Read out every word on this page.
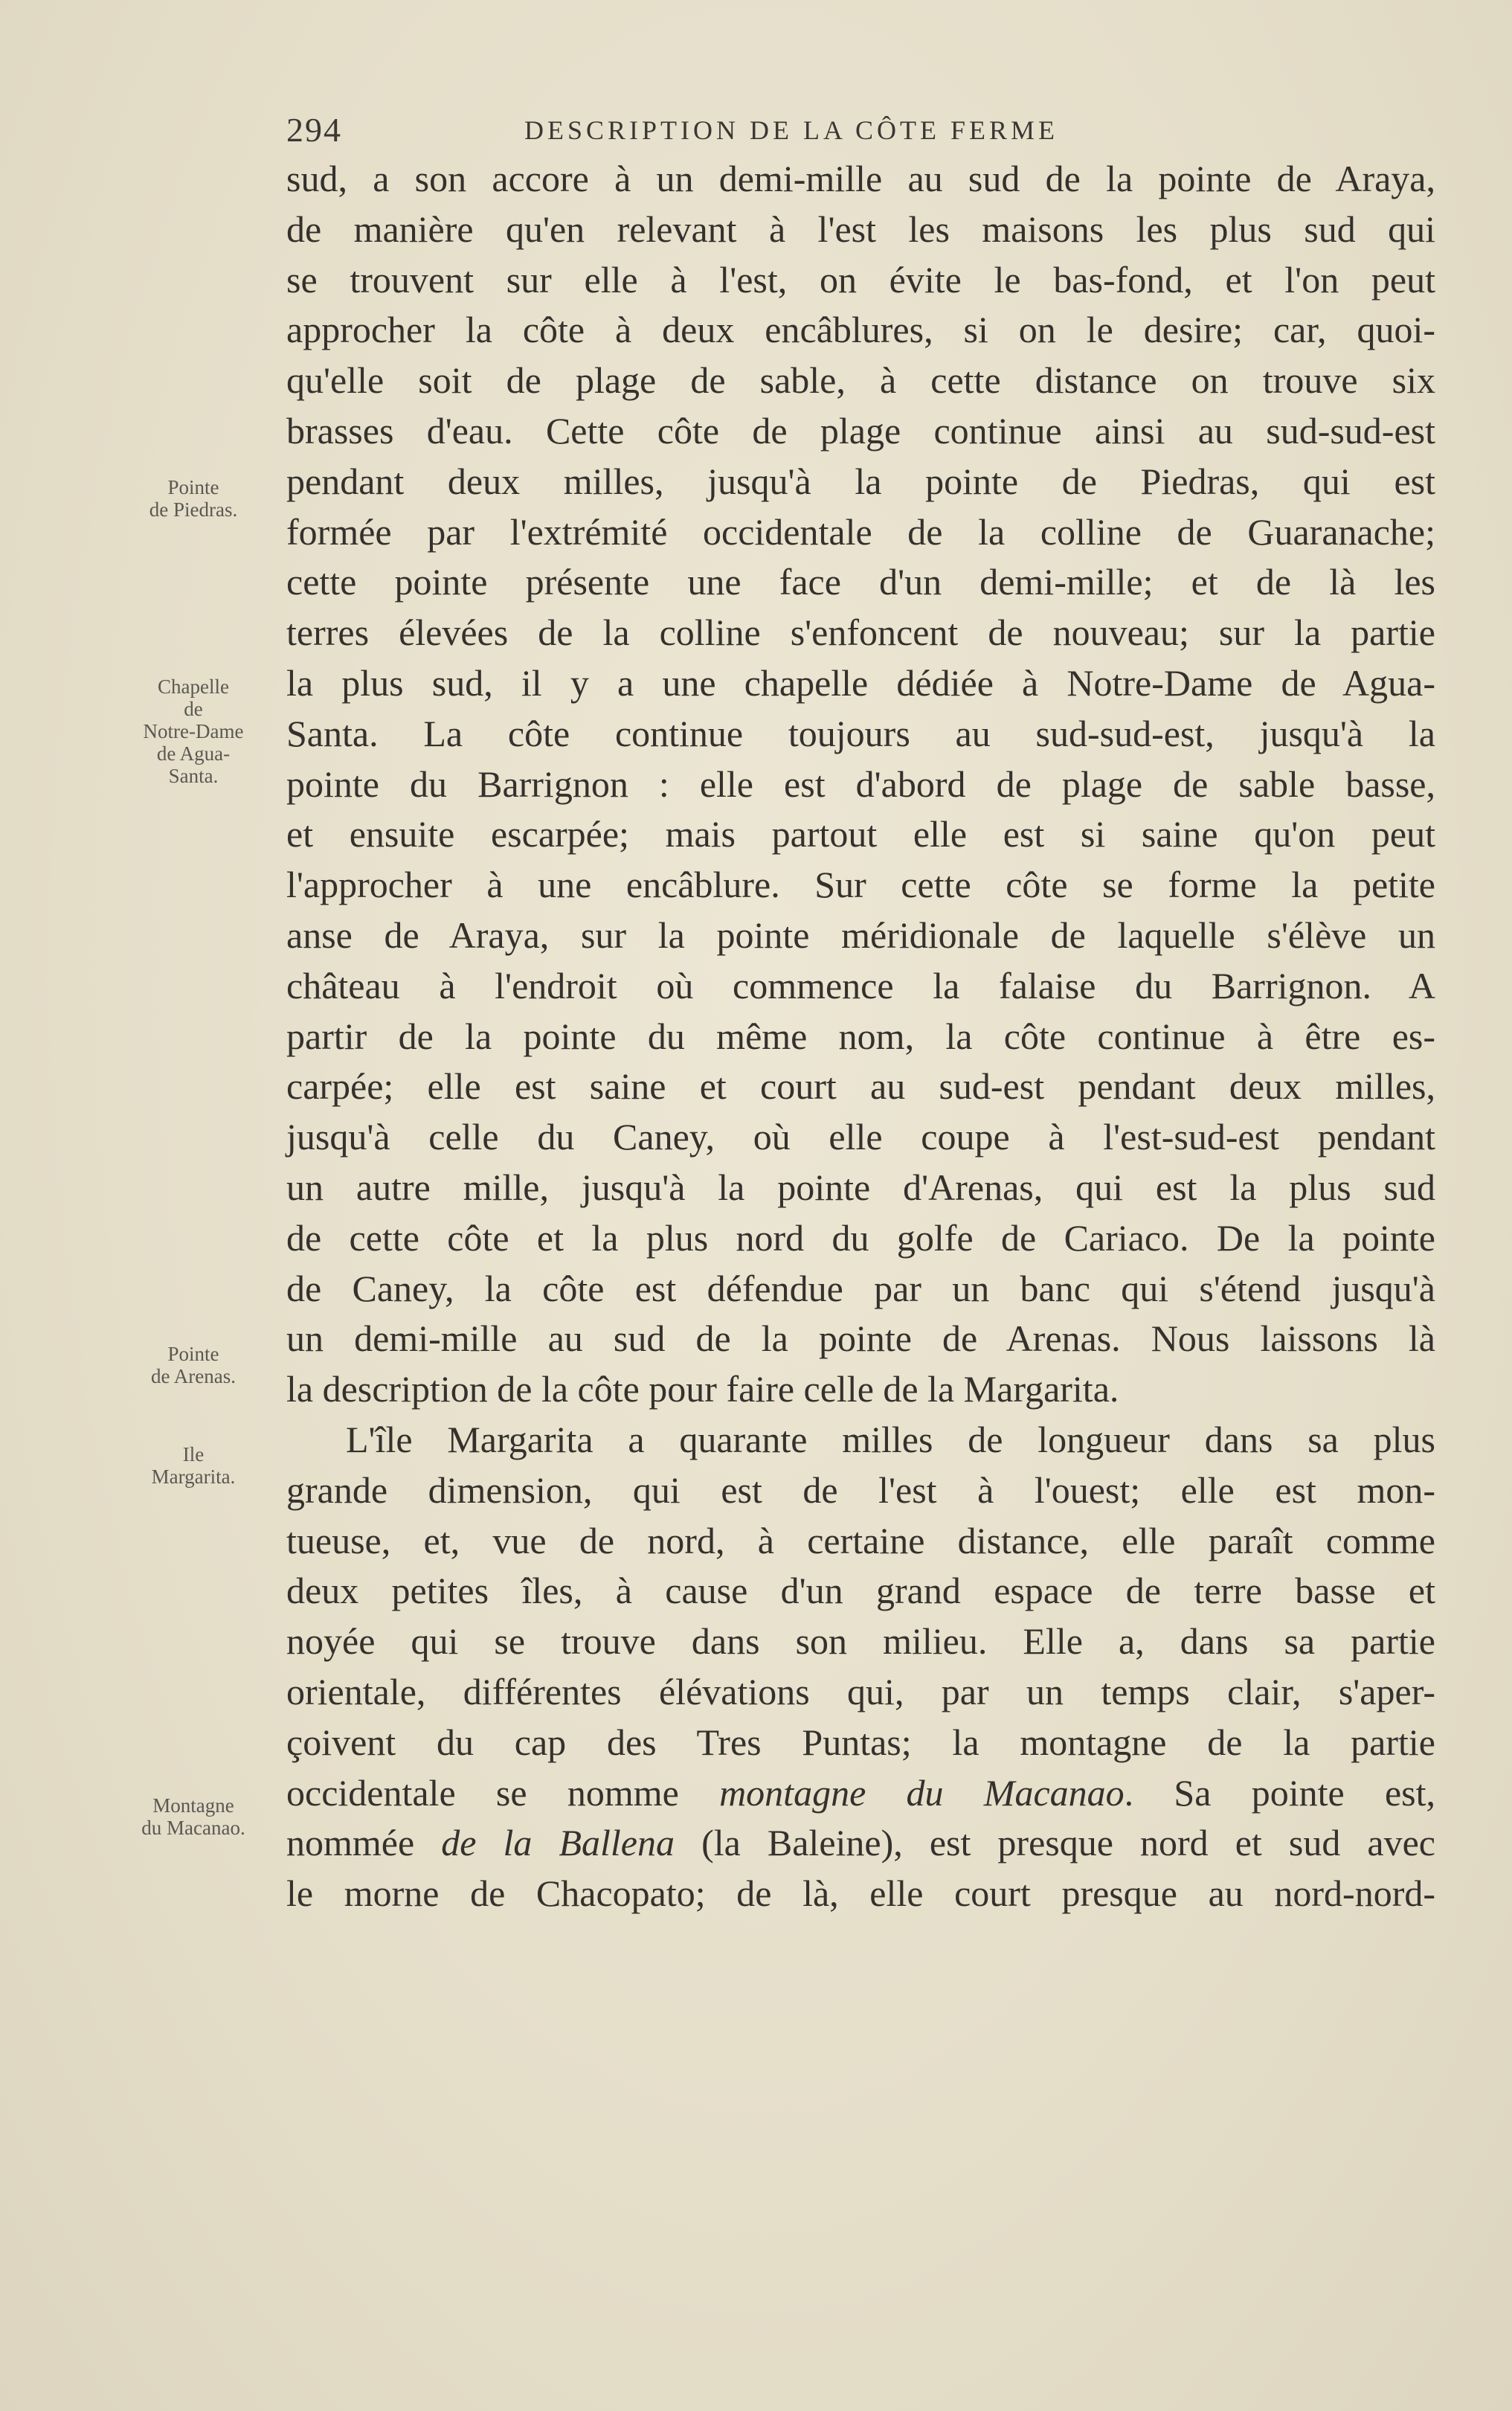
294	DESCRIPTION DE LA CÔTE FERME
Pointe
de Piedras.
Chapelle
de
Notre-Dame
de Agua-
Santa.
Pointe
de Arenas.
Ile
Margarita.
Montagne
du Macanao.
sud, a son accore à un demi-mille au sud de la pointe de Araya,
de manière qu'en relevant à l'est les maisons les plus sud qui
se trouvent sur elle à l'est, on évite le bas-fond, et l'on peut
approcher la côte à deux encâblures, si on le desire; car, quoi-
qu'elle soit de plage de sable, à cette distance on trouve six
brasses d'eau. Cette côte de plage continue ainsi au sud-sud-est
pendant deux milles, jusqu'à la pointe de Piedras, qui est
formée par l'extrémité occidentale de la colline de Guaranache;
cette pointe présente une face d'un demi-mille; et de là les
terres élevées de la colline s'enfoncent de nouveau; sur la partie
la plus sud, il y a une chapelle dédiée à Notre-Dame de Agua-
Santa. La côte continue toujours au sud-sud-est, jusqu'à la
pointe du Barrignon : elle est d'abord de plage de sable basse,
et ensuite escarpée; mais partout elle est si saine qu'on peut
l'approcher à une encâblure. Sur cette côte se forme la petite
anse de Araya, sur la pointe méridionale de laquelle s'élève un
château à l'endroit où commence la falaise du Barrignon. A
partir de la pointe du même nom, la côte continue à être es-
carpée; elle est saine et court au sud-est pendant deux milles,
jusqu'à celle du Caney, où elle coupe à l'est-sud-est pendant
un autre mille, jusqu'à la pointe d'Arenas, qui est la plus sud
de cette côte et la plus nord du golfe de Cariaco. De la pointe
de Caney, la côte est défendue par un banc qui s'étend jusqu'à
un demi-mille au sud de la pointe de Arenas. Nous laissons là
la description de la côte pour faire celle de la Margarita.
L'île Margarita a quarante milles de longueur dans sa plus
grande dimension, qui est de l'est à l'ouest; elle est mon-
tueuse, et, vue de nord, à certaine distance, elle paraît comme
deux petites îles, à cause d'un grand espace de terre basse et
noyée qui se trouve dans son milieu. Elle a, dans sa partie
orientale, différentes élévations qui, par un temps clair, s'aper-
çoivent du cap des Tres Puntas; la montagne de la partie
occidentale se nomme montagne du Macanao. Sa pointe est,
nommée de la Ballena (la Baleine), est presque nord et sud avec
le morne de Chacopato; de là, elle court presque au nord-nord-
